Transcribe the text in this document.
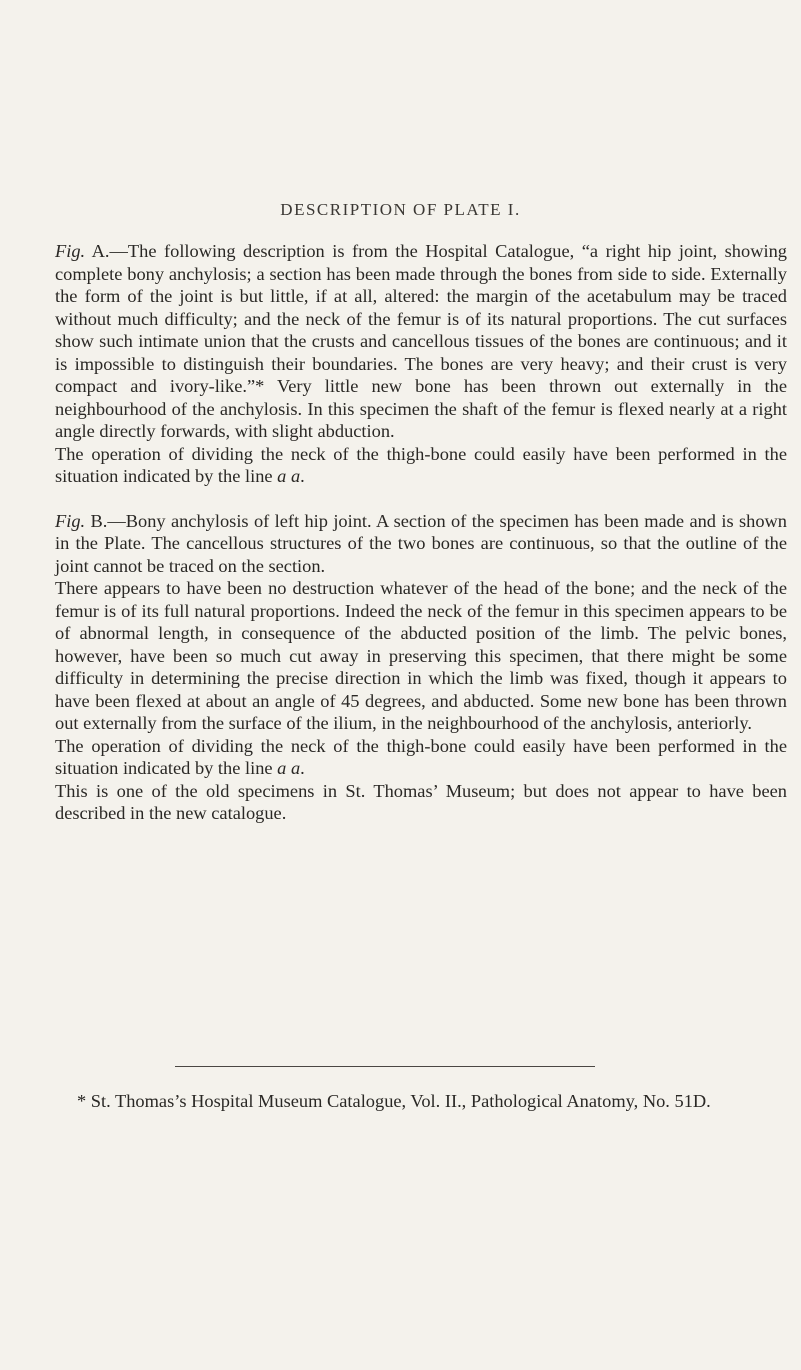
DESCRIPTION OF PLATE I.

Fig. A.—The following description is from the Hospital Catalogue, “a right hip joint, showing complete bony anchylosis; a section has been made through the bones from side to side. Externally the form of the joint is but little, if at all, altered: the margin of the acetabulum may be traced without much difficulty; and the neck of the femur is of its natural proportions. The cut surfaces show such intimate union that the crusts and cancellous tissues of the bones are continuous; and it is impossible to distinguish their boundaries. The bones are very heavy; and their crust is very compact and ivory-like.”* Very little new bone has been thrown out externally in the neighbourhood of the anchylosis. In this specimen the shaft of the femur is flexed nearly at a right angle directly forwards, with slight abduction.

The operation of dividing the neck of the thigh-bone could easily have been performed in the situation indicated by the line a a.

Fig. B.—Bony anchylosis of left hip joint. A section of the specimen has been made and is shown in the Plate. The cancellous structures of the two bones are continuous, so that the outline of the joint cannot be traced on the section.

There appears to have been no destruction whatever of the head of the bone; and the neck of the femur is of its full natural proportions. Indeed the neck of the femur in this specimen appears to be of abnormal length, in consequence of the abducted position of the limb. The pelvic bones, however, have been so much cut away in preserving this specimen, that there might be some difficulty in determining the precise direction in which the limb was fixed, though it appears to have been flexed at about an angle of 45 degrees, and abducted. Some new bone has been thrown out externally from the surface of the ilium, in the neighbourhood of the anchylosis, anteriorly.

The operation of dividing the neck of the thigh-bone could easily have been performed in the situation indicated by the line a a.

This is one of the old specimens in St. Thomas’ Museum; but does not appear to have been described in the new catalogue.

* St. Thomas’s Hospital Museum Catalogue, Vol. II., Pathological Anatomy, No. 51D.
